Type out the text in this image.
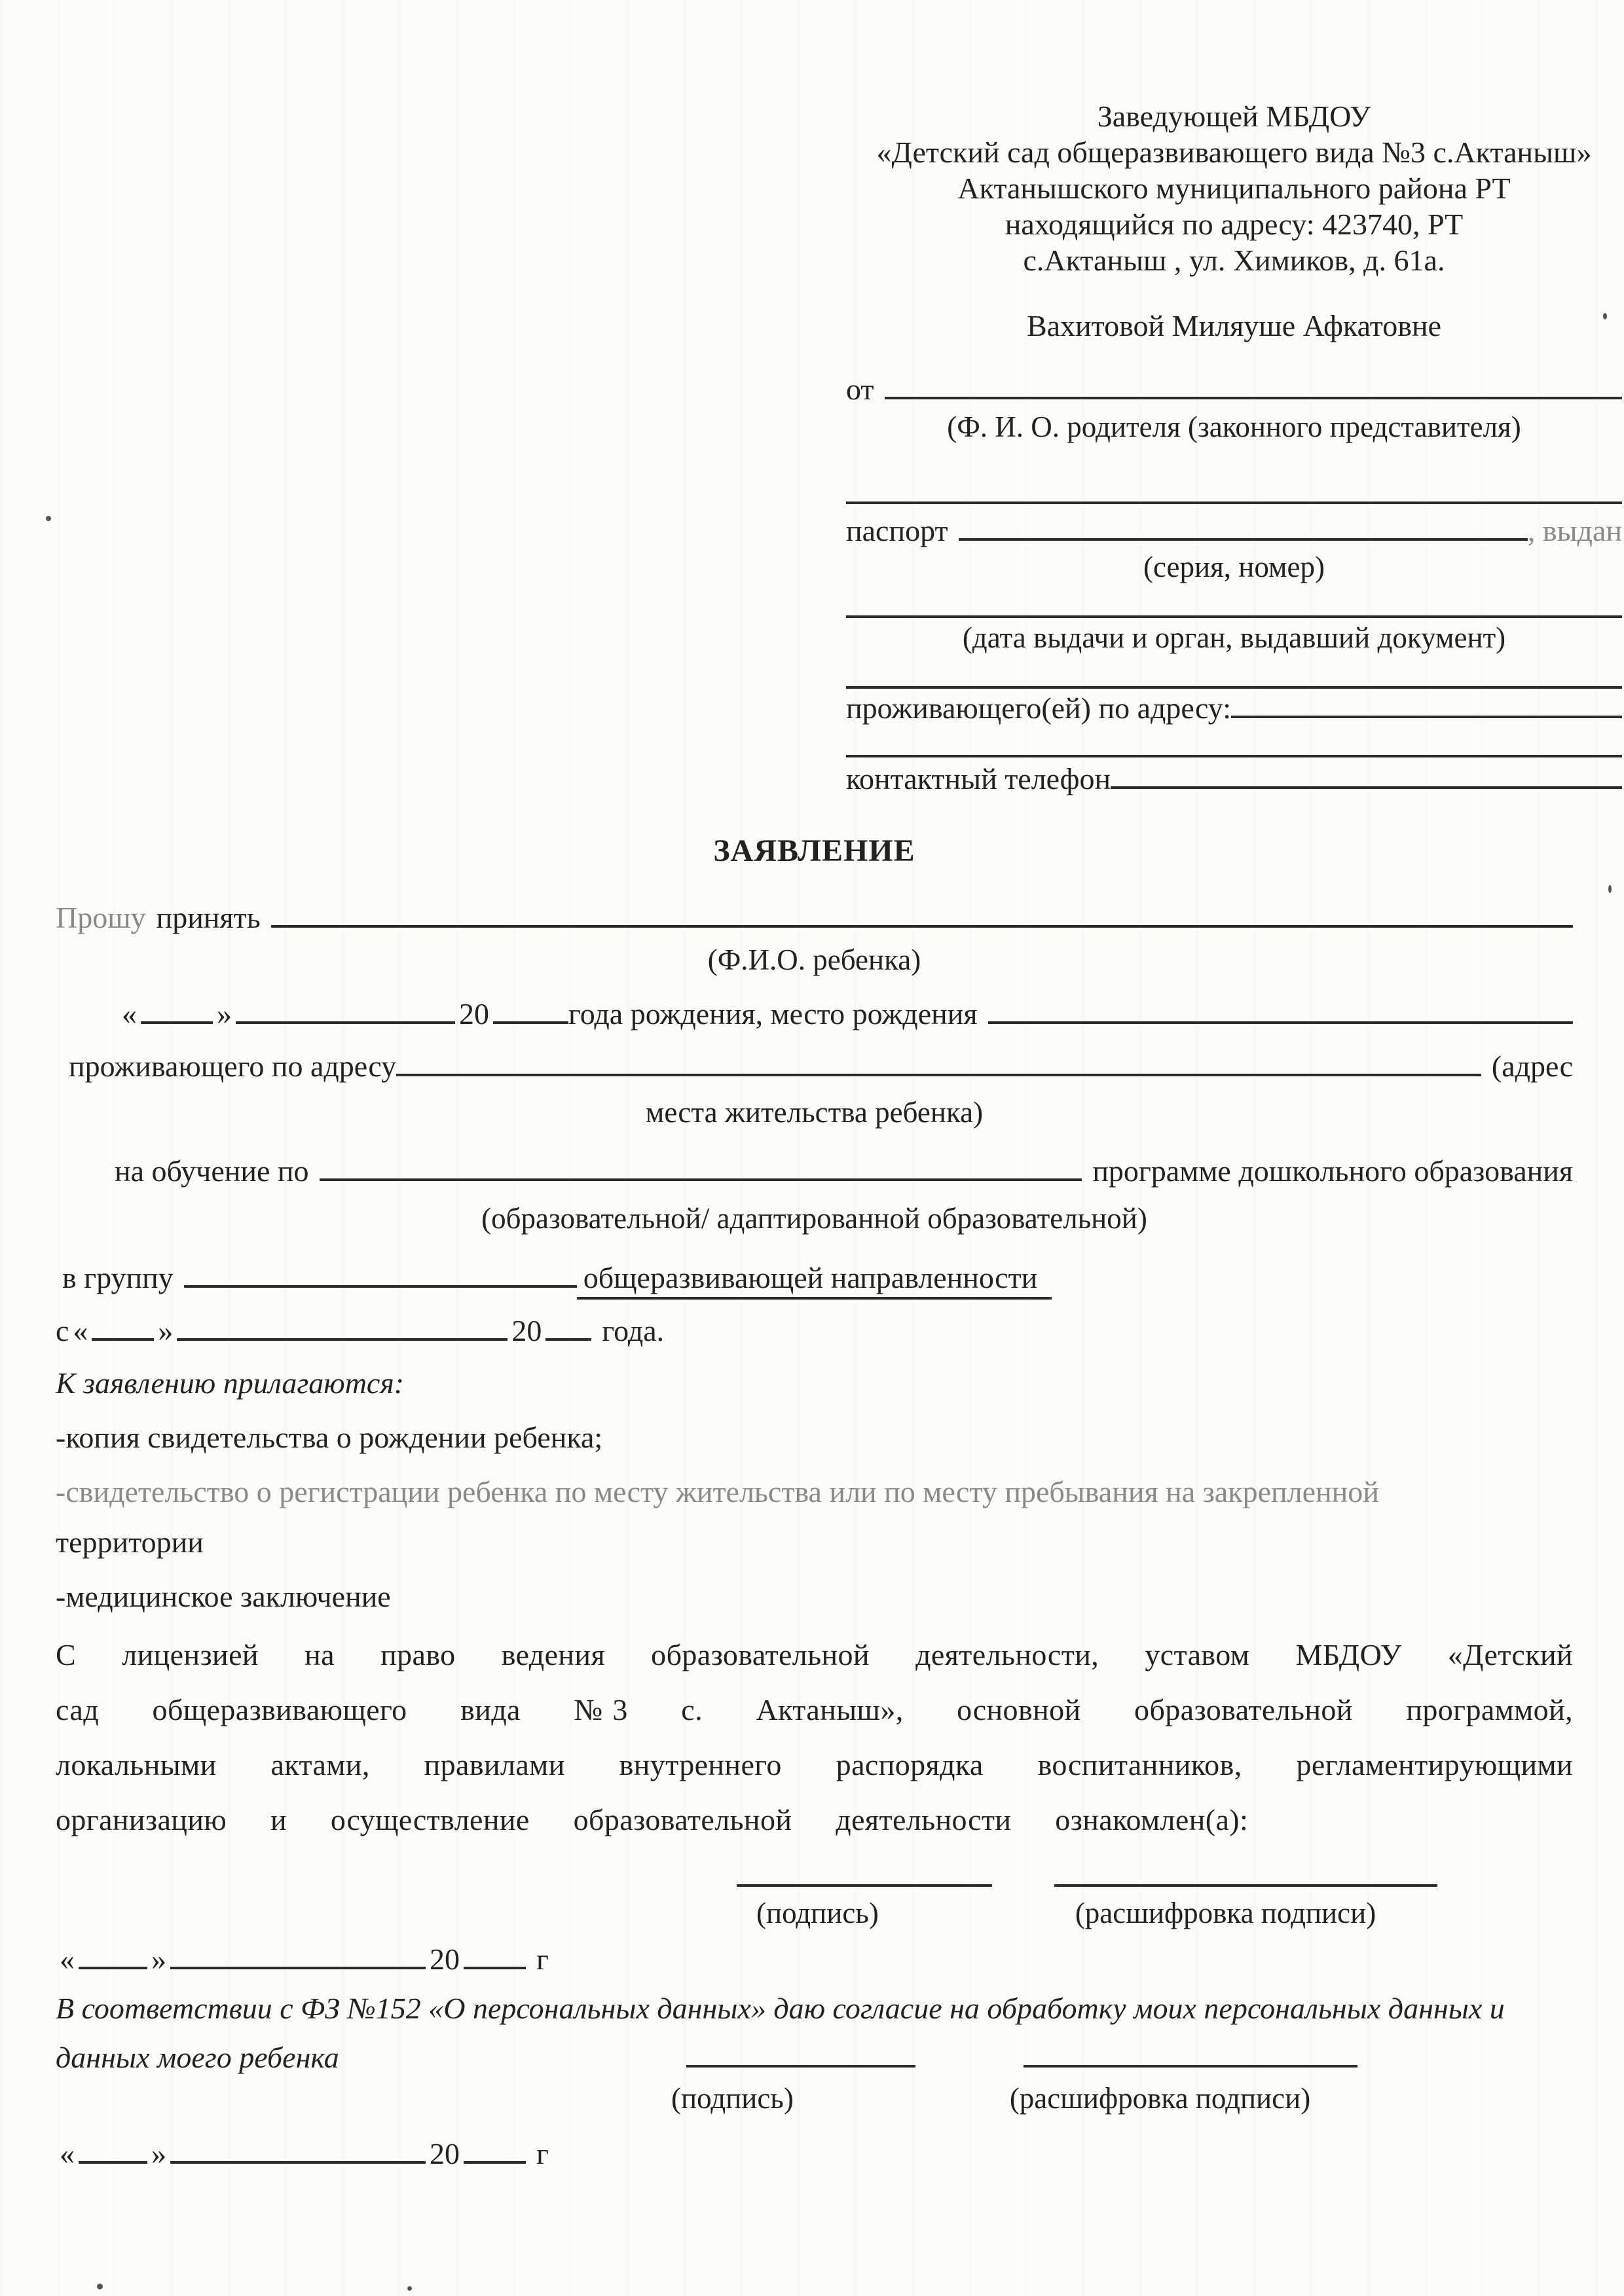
Заведующей МБДОУ
«Детский сад общеразвивающего вида №3 с.Актаныш»
Актанышского муниципального района РТ
находящийся по адресу: 423740, РТ
с.Актаныш , ул. Химиков, д. 61а.
Вахитовой Миляуше Афкатовне
от
(Ф. И. О. родителя (законного представителя)
паспорт	, выдан
(серия, номер)
(дата выдачи и орган, выдавший документ)
проживающего(ей) по адресу:
контактный телефон
ЗАЯВЛЕНИЕ
Прошу принять
(Ф.И.О. ребенка)
«	»	20	года рождения, место рождения
проживающего по адресу	(адрес
места жительства ребенка)
на обучение по	программе дошкольного образования
(образовательной/ адаптированной образовательной)
в группу	общеразвивающей направленности
с « »	20	года.
К заявлению прилагаются:
-копия свидетельства о рождении ребенка;
-свидетельство о регистрации ребенка по месту жительства или по месту пребывания на закрепленной
территории
-медицинское заключение
С лицензией на право ведения образовательной деятельности, уставом МБДОУ «Детский сад общеразвивающего вида №3 с. Актаныш», основной образовательной программой, локальными актами, правилами внутреннего распорядка воспитанников, регламентирующими организацию и осуществление образовательной деятельности ознакомлен(а):
(подпись)	(расшифровка подписи)
«	»	20	г
В соответствии с ФЗ №152 «О персональных данных» даю согласие на обработку моих персональных данных и
данных моего ребенка
(подпись)	(расшифровка подписи)
«	»	20	г
